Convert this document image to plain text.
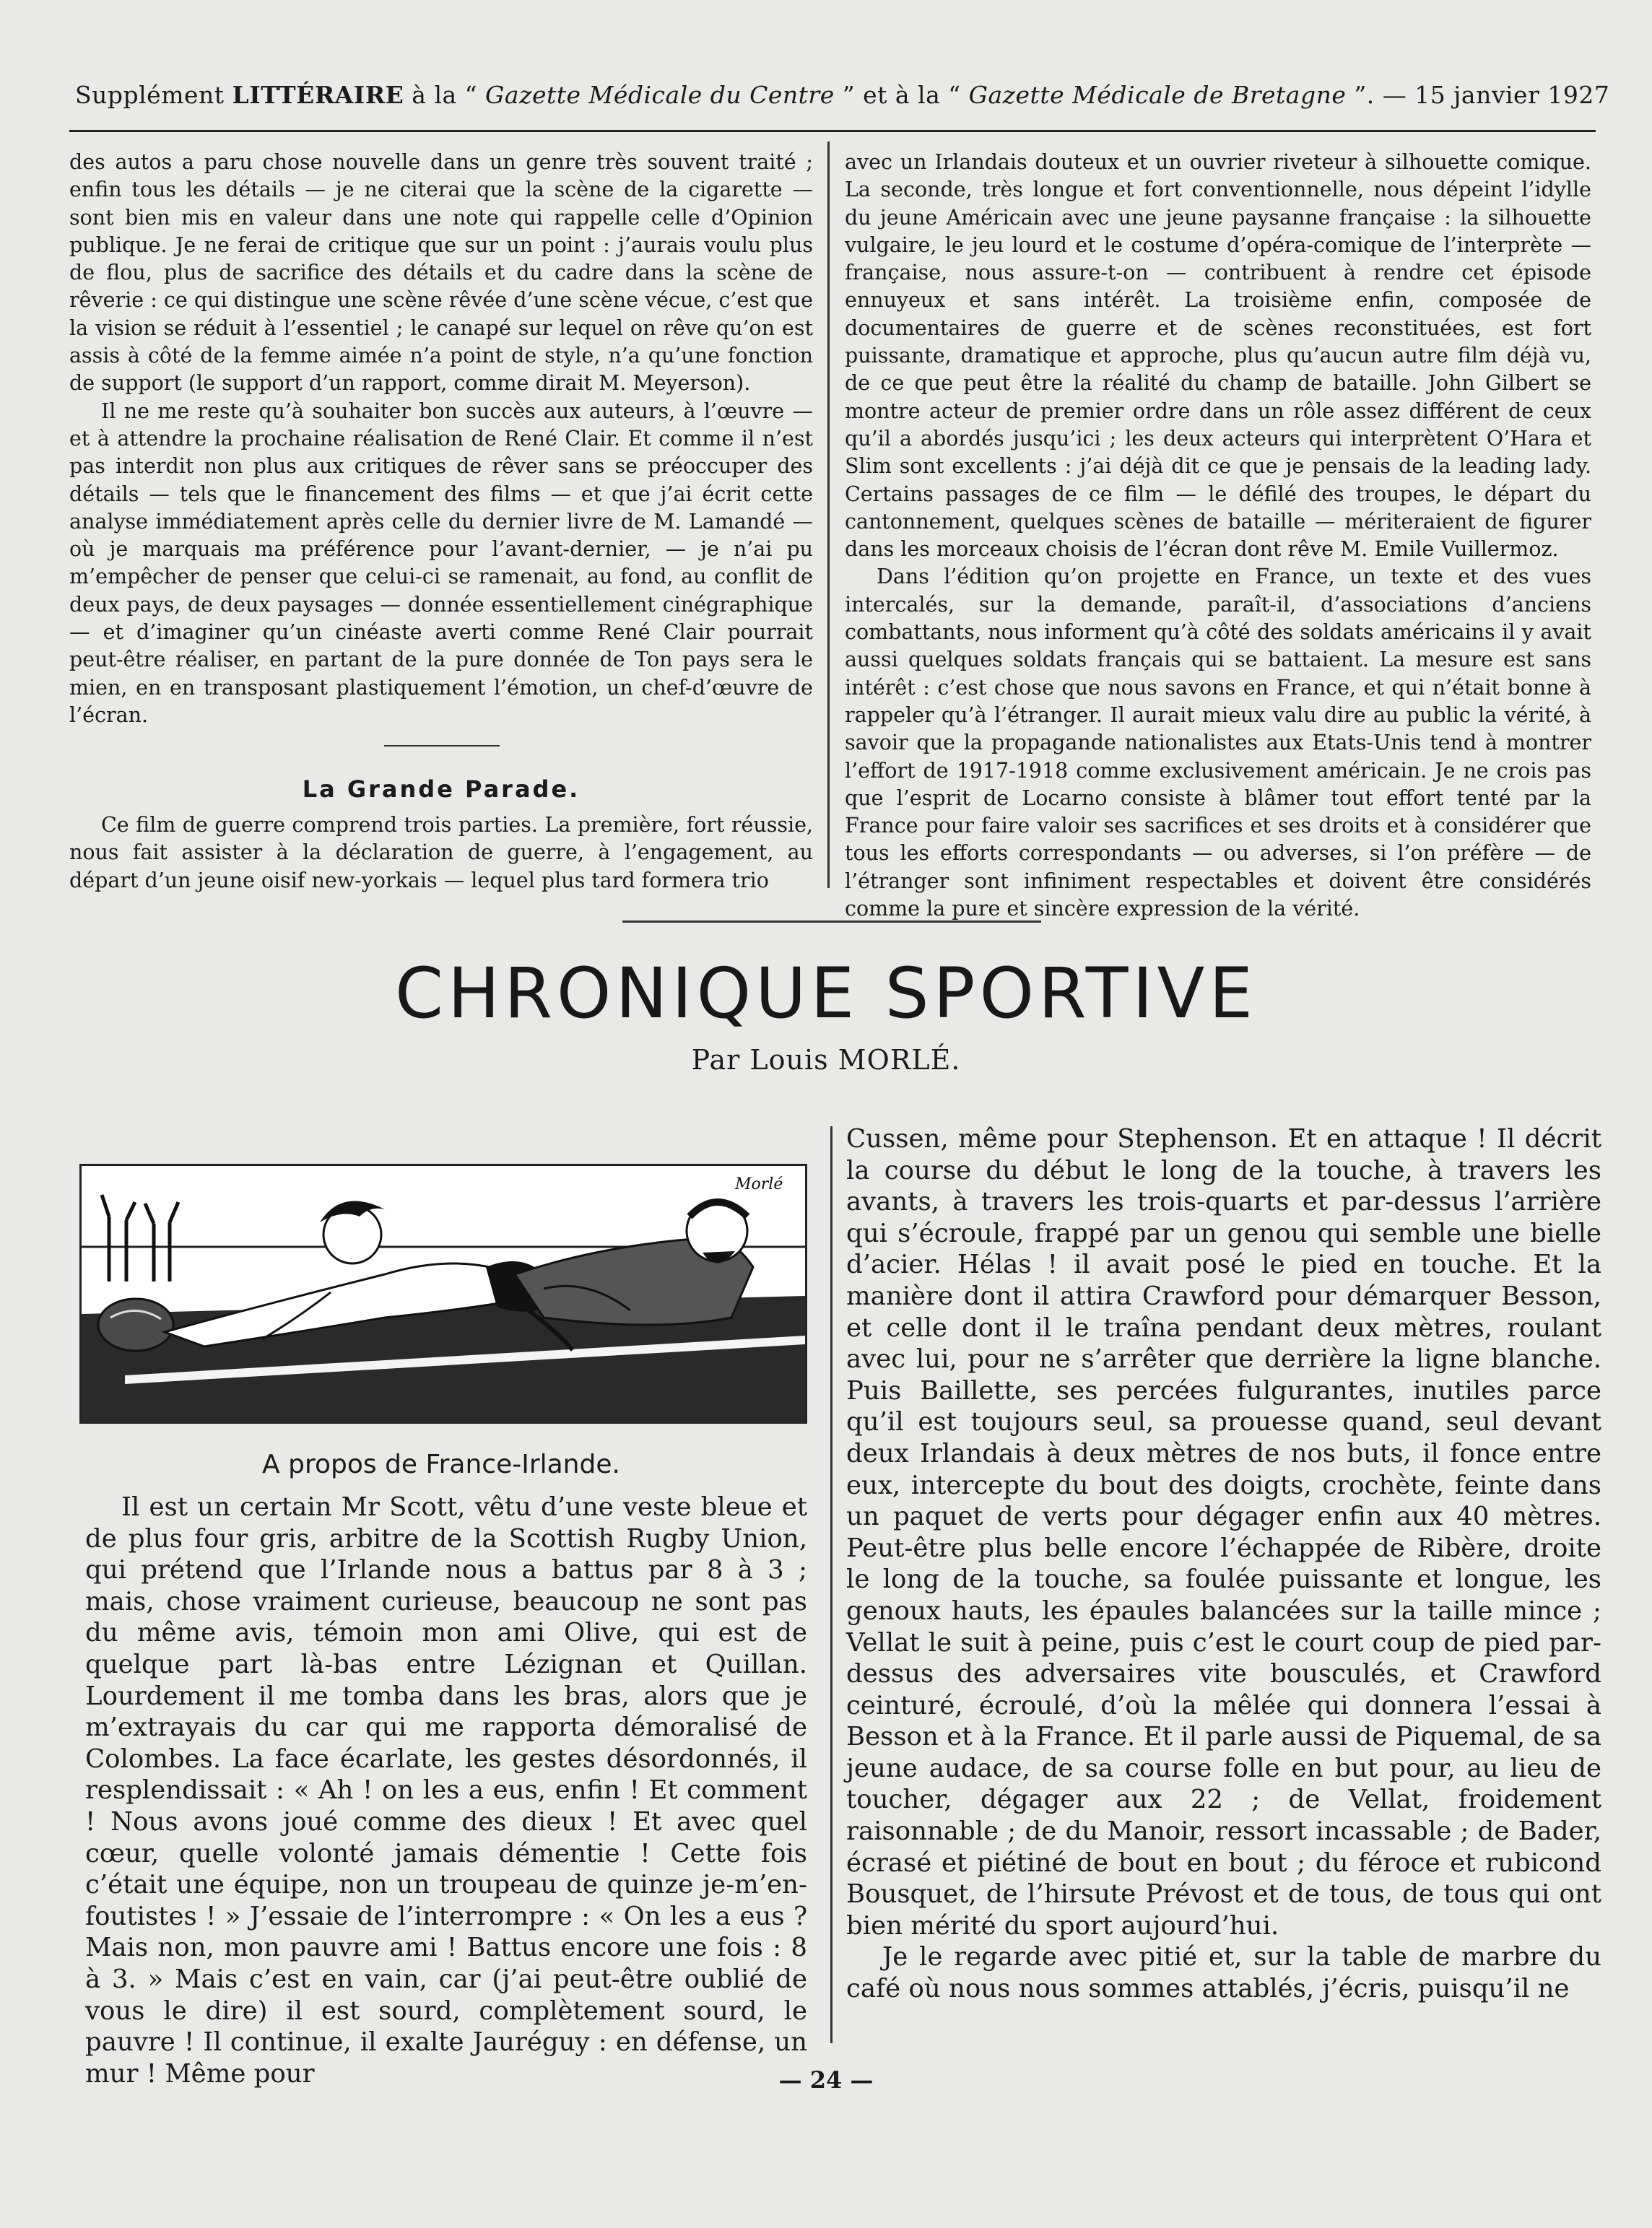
Supplément LITTÉRAIRE à la “ Gazette Médicale du Centre ” et à la “ Gazette Médicale de Bretagne ”. — 15 janvier 1927

des autos a paru chose nouvelle dans un genre très souvent traité ; enfin tous les détails — je ne citerai que la scène de la cigarette — sont bien mis en valeur dans une note qui rappelle celle d’Opinion publique. Je ne ferai de critique que sur un point : j’aurais voulu plus de flou, plus de sacrifice des détails et du cadre dans la scène de rêverie : ce qui distingue une scène rêvée d’une scène vécue, c’est que la vision se réduit à l’essentiel ; le canapé sur lequel on rêve qu’on est assis à côté de la femme aimée n’a point de style, n’a qu’une fonction de support (le support d’un rapport, comme dirait M. Meyerson).

Il ne me reste qu’à souhaiter bon succès aux auteurs, à l’œuvre — et à attendre la prochaine réalisation de René Clair. Et comme il n’est pas interdit non plus aux critiques de rêver sans se préoccuper des détails — tels que le financement des films — et que j’ai écrit cette analyse immédiatement après celle du dernier livre de M. Lamandé — où je marquais ma préférence pour l’avant-dernier, — je n’ai pu m’empêcher de penser que celui-ci se ramenait, au fond, au conflit de deux pays, de deux paysages — donnée essentiellement cinégraphique — et d’imaginer qu’un cinéaste averti comme René Clair pourrait peut-être réaliser, en partant de la pure donnée de Ton pays sera le mien, en en transposant plastiquement l’émotion, un chef-d’œuvre de l’écran.

La Grande Parade.

Ce film de guerre comprend trois parties. La première, fort réussie, nous fait assister à la déclaration de guerre, à l’engagement, au départ d’un jeune oisif new-yorkais — lequel plus tard formera trio

avec un Irlandais douteux et un ouvrier riveteur à silhouette comique. La seconde, très longue et fort conventionnelle, nous dépeint l’idylle du jeune Américain avec une jeune paysanne française : la silhouette vulgaire, le jeu lourd et le costume d’opéra-comique de l’interprète — française, nous assure-t-on — contribuent à rendre cet épisode ennuyeux et sans intérêt. La troisième enfin, composée de documentaires de guerre et de scènes reconstituées, est fort puissante, dramatique et approche, plus qu’aucun autre film déjà vu, de ce que peut être la réalité du champ de bataille. John Gilbert se montre acteur de premier ordre dans un rôle assez différent de ceux qu’il a abordés jusqu’ici ; les deux acteurs qui interprètent O’Hara et Slim sont excellents : j’ai déjà dit ce que je pensais de la leading lady. Certains passages de ce film — le défilé des troupes, le départ du cantonnement, quelques scènes de bataille — mériteraient de figurer dans les morceaux choisis de l’écran dont rêve M. Emile Vuillermoz.

Dans l’édition qu’on projette en France, un texte et des vues intercalés, sur la demande, paraît-il, d’associations d’anciens combattants, nous informent qu’à côté des soldats américains il y avait aussi quelques soldats français qui se battaient. La mesure est sans intérêt : c’est chose que nous savons en France, et qui n’était bonne à rappeler qu’à l’étranger. Il aurait mieux valu dire au public la vérité, à savoir que la propagande nationalistes aux Etats-Unis tend à montrer l’effort de 1917-1918 comme exclusivement américain. Je ne crois pas que l’esprit de Locarno consiste à blâmer tout effort tenté par la France pour faire valoir ses sacrifices et ses droits et à considérer que tous les efforts correspondants — ou adverses, si l’on préfère — de l’étranger sont infiniment respectables et doivent être considérés comme la pure et sincère expression de la vérité.

CHRONIQUE SPORTIVE
Par Louis MORLÉ.
Morlé
A propos de France-Irlande.

Il est un certain Mr Scott, vêtu d’une veste bleue et de plus four gris, arbitre de la Scottish Rugby Union, qui prétend que l’Irlande nous a battus par 8 à 3 ; mais, chose vraiment curieuse, beaucoup ne sont pas du même avis, témoin mon ami Olive, qui est de quelque part là-bas entre Lézignan et Quillan. Lourdement il me tomba dans les bras, alors que je m’extrayais du car qui me rapporta démoralisé de Colombes. La face écarlate, les gestes désordonnés, il resplendissait : « Ah ! on les a eus, enfin ! Et comment ! Nous avons joué comme des dieux ! Et avec quel cœur, quelle volonté jamais démentie ! Cette fois c’était une équipe, non un troupeau de quinze je-m’en-foutistes ! » J’essaie de l’interrompre : « On les a eus ? Mais non, mon pauvre ami ! Battus encore une fois : 8 à 3. » Mais c’est en vain, car (j’ai peut-être oublié de vous le dire) il est sourd, complètement sourd, le pauvre ! Il continue, il exalte Jauréguy : en défense, un mur ! Même pour

Cussen, même pour Stephenson. Et en attaque ! Il décrit la course du début le long de la touche, à travers les avants, à travers les trois-quarts et par-dessus l’arrière qui s’écroule, frappé par un genou qui semble une bielle d’acier. Hélas ! il avait posé le pied en touche. Et la manière dont il attira Crawford pour démarquer Besson, et celle dont il le traîna pendant deux mètres, roulant avec lui, pour ne s’arrêter que derrière la ligne blanche. Puis Baillette, ses percées fulgurantes, inutiles parce qu’il est toujours seul, sa prouesse quand, seul devant deux Irlandais à deux mètres de nos buts, il fonce entre eux, intercepte du bout des doigts, crochète, feinte dans un paquet de verts pour dégager enfin aux 40 mètres. Peut-être plus belle encore l’échappée de Ribère, droite le long de la touche, sa foulée puissante et longue, les genoux hauts, les épaules balancées sur la taille mince ; Vellat le suit à peine, puis c’est le court coup de pied par-dessus des adversaires vite bousculés, et Crawford ceinturé, écroulé, d’où la mêlée qui donnera l’essai à Besson et à la France. Et il parle aussi de Piquemal, de sa jeune audace, de sa course folle en but pour, au lieu de toucher, dégager aux 22 ; de Vellat, froidement raisonnable ; de du Manoir, ressort incassable ; de Bader, écrasé et piétiné de bout en bout ; du féroce et rubicond Bousquet, de l’hirsute Prévost et de tous, de tous qui ont bien mérité du sport aujourd’hui.

Je le regarde avec pitié et, sur la table de marbre du café où nous nous sommes attablés, j’écris, puisqu’il ne

— 24 —
